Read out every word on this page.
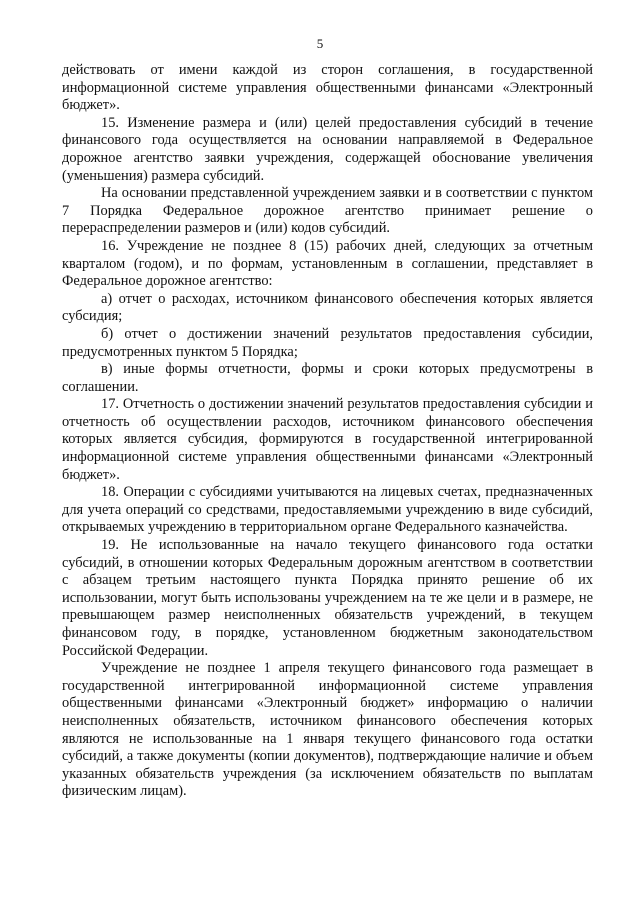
5

действовать от имени каждой из сторон соглашения, в государственной информационной системе управления общественными финансами «Электронный бюджет».

15. Изменение размера и (или) целей предоставления субсидий в течение финансового года осуществляется на основании направляемой в Федеральное дорожное агентство заявки учреждения, содержащей обоснование увеличения (уменьшения) размера субсидий.

На основании представленной учреждением заявки и в соответствии с пунктом 7 Порядка Федеральное дорожное агентство принимает решение о перераспределении размеров и (или) кодов субсидий.

16. Учреждение не позднее 8 (15) рабочих дней, следующих за отчетным кварталом (годом), и по формам, установленным в соглашении, представляет в Федеральное дорожное агентство:

а) отчет о расходах, источником финансового обеспечения которых является субсидия;

б) отчет о достижении значений результатов предоставления субсидии, предусмотренных пунктом 5 Порядка;

в) иные формы отчетности, формы и сроки которых предусмотрены в соглашении.

17. Отчетность о достижении значений результатов предоставления субсидии и отчетность об осуществлении расходов, источником финансового обеспечения которых является субсидия, формируются в государственной интегрированной информационной системе управления общественными финансами «Электронный бюджет».

18. Операции с субсидиями учитываются на лицевых счетах, предназначенных для учета операций со средствами, предоставляемыми учреждению в виде субсидий, открываемых учреждению в территориальном органе Федерального казначейства.

19. Не использованные на начало текущего финансового года остатки субсидий, в отношении которых Федеральным дорожным агентством в соответствии с абзацем третьим настоящего пункта Порядка принято решение об их использовании, могут быть использованы учреждением на те же цели и в размере, не превышающем размер неисполненных обязательств учреждений, в текущем финансовом году, в порядке, установленном бюджетным законодательством Российской Федерации.

Учреждение не позднее 1 апреля текущего финансового года размещает в государственной интегрированной информационной системе управления общественными финансами «Электронный бюджет» информацию о наличии неисполненных обязательств, источником финансового обеспечения которых являются не использованные на 1 января текущего финансового года остатки субсидий, а также документы (копии документов), подтверждающие наличие и объем указанных обязательств учреждения (за исключением обязательств по выплатам физическим лицам).
